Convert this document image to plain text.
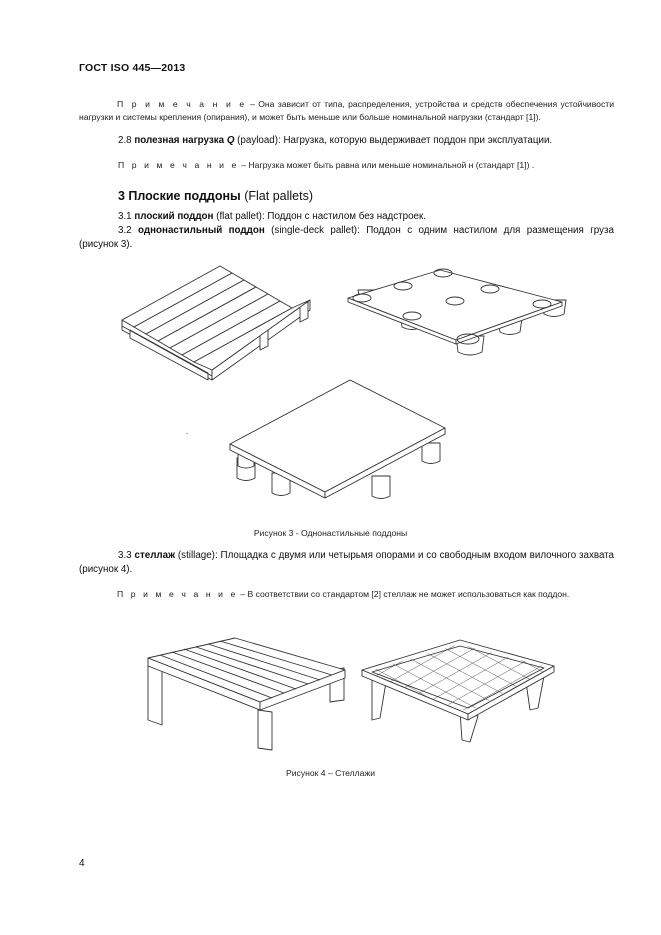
ГОСТ ISO 445—2013
П р и м е ч а н и е – Она зависит от типа, распределения, устройства и средств обеспечения устойчивости нагрузки и системы крепления (опирания), и может быть меньше или больше номинальной нагрузки (стандарт [1]).
2.8 полезная нагрузка Q (payload): Нагрузка, которую выдерживает поддон при эксплуатации.
П р и м е ч а н и е – Нагрузка может быть равна или меньше номинальной н (стандарт [1]) .
3 Плоские поддоны (Flat pallets)
3.1 плоский поддон (flat pallet): Поддон с настилом без надстроек.
3.2 однонастильный поддон (single-deck pallet): Поддон с одним настилом для размещения груза (рисунок 3).
Рисунок 3 - Однонастильные поддоны
3.3 стеллаж (stillage): Площадка с двумя или четырьмя опорами и со свободным входом вилочного захвата (рисунок 4).
П р и м е ч а н и е – В соответствии со стандартом [2] стеллаж не может использоваться как поддон.
Рисунок 4 – Стеллажи
4
